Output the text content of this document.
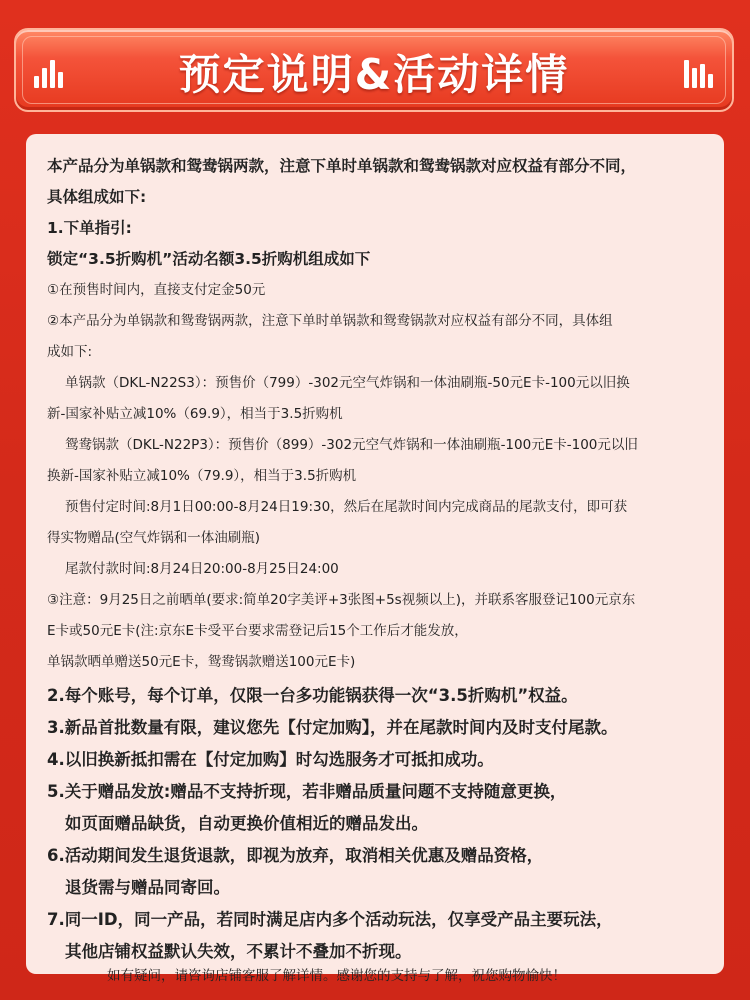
预定说明&活动详情
本产品分为单锅款和鸳鸯锅两款，注意下单时单锅款和鸳鸯锅款对应权益有部分不同，
具体组成如下:
1.下单指引:
锁定“3.5折购机”活动名额3.5折购机组成如下
①在预售时间内，直接支付定金50元
②本产品分为单锅款和鸳鸯锅两款，注意下单时单锅款和鸳鸯锅款对应权益有部分不同，具体组
成如下:
单锅款（DKL-N22S3）：预售价（799）-302元空气炸锅和一体油刷瓶-50元E卡-100元以旧换
新-国家补贴立减10%（69.9），相当于3.5折购机
鸳鸯锅款（DKL-N22P3）：预售价（899）-302元空气炸锅和一体油刷瓶-100元E卡-100元以旧
换新-国家补贴立减10%（79.9），相当于3.5折购机
预售付定时间:8月1日00:00-8月24日19:30，然后在尾款时间内完成商品的尾款支付，即可获
得实物赠品(空气炸锅和一体油刷瓶)
尾款付款时间:8月24日20:00-8月25日24:00
③注意：9月25日之前晒单(要求:简单20字美评+3张图+5s视频以上)，并联系客服登记100元京东
E卡或50元E卡(注:京东E卡受平台要求需登记后15个工作后才能发放，
单锅款晒单赠送50元E卡，鸳鸯锅款赠送100元E卡)
2.每个账号，每个订单，仅限一台多功能锅获得一次“3.5折购机”权益。
3.新品首批数量有限，建议您先【付定加购】，并在尾款时间内及时支付尾款。
4.以旧换新抵扣需在【付定加购】时勾选服务才可抵扣成功。
5.关于赠品发放:赠品不支持折现，若非赠品质量问题不支持随意更换，
如页面赠品缺货，自动更换价值相近的赠品发出。
6.活动期间发生退货退款，即视为放弃，取消相关优惠及赠品资格，
退货需与赠品同寄回。
7.同一ID，同一产品，若同时满足店内多个活动玩法，仅享受产品主要玩法，
其他店铺权益默认失效，不累计不叠加不折现。
如有疑问，请咨询店铺客服了解详情。感谢您的支持与了解，祝您购物愉快！
